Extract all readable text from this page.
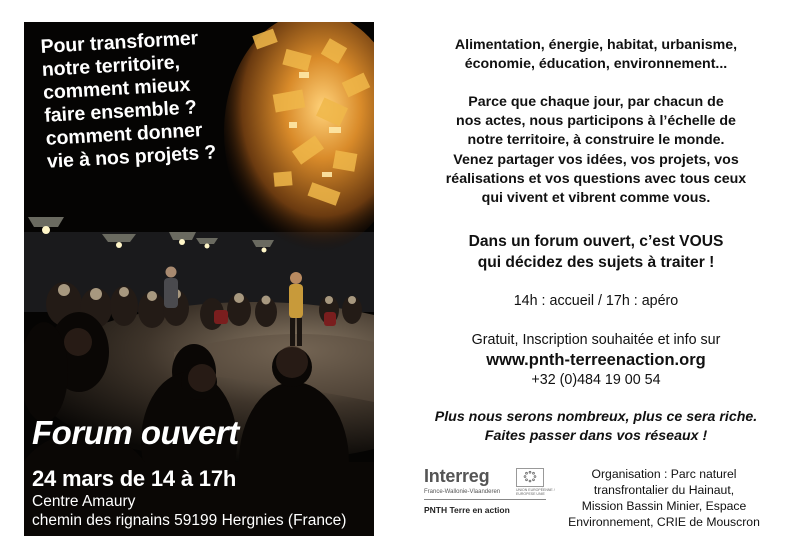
Pour transformer
notre territoire,
comment mieux
faire ensemble ?
comment donner
vie à nos projets ?
Forum ouvert
24 mars de 14 à 17h
Centre Amaury
chemin des rignains 59199 Hergnies (France)
Alimentation, énergie, habitat, urbanisme,
économie, éducation, environnement...
Parce que chaque jour, par chacun de
nos actes, nous participons à l’échelle de
notre territoire, à construire le monde.
Venez partager vos idées, vos projets, vos
réalisations et vos questions avec tous ceux
qui vivent et vibrent comme vous.
Dans un forum ouvert, c’est VOUS
qui décidez des sujets à traiter !
14h : accueil / 17h : apéro
Gratuit, Inscription souhaitée et info sur
www.pnth-terreenaction.org
+32 (0)484 19 00 54
Plus nous serons nombreux, plus ce sera riche.
Faites passer dans vos réseaux !
Interreg
France-Wallonie-Vlaanderen	UNION EUROPÉENNE / EUROPESE UNIE
PNTH Terre en action
Organisation : Parc naturel
transfrontalier du Hainaut,
Mission Bassin Minier, Espace
Environnement, CRIE de Mouscron
